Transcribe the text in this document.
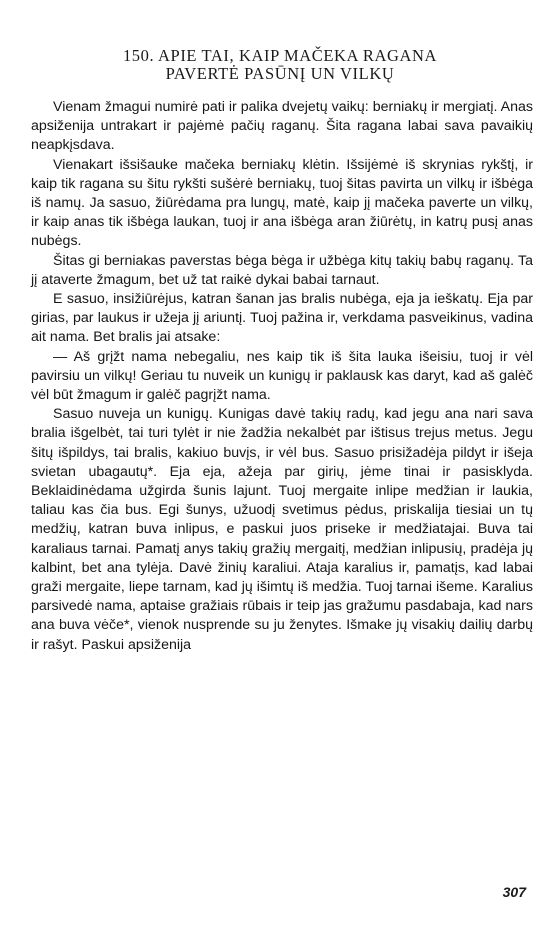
150. APIE TAI, KAIP MAČEKA RAGANA
PAVERTĖ PASŪNĮ UN VILKŲ

Vienam žmagui numirė pati ir palika dvejetų vaikų: berniakų ir mergiatį. Anas apsiženija untrakart ir pajėmė pačių raganų. Šita ragana labai sava pavaikių neapkįsdava.

Vienakart išsišauke mačeka berniakų klėtin. Išsijėmė iš skrynias rykštį, ir kaip tik ragana su šitu rykšti sušėrė berniakų, tuoj šitas pavirta un vilkų ir išbėga iš namų. Ja sasuo, žiūrėdama pra lungų, matė, kaip jį mačeka paverte un vilkų, ir kaip anas tik išbėga laukan, tuoj ir ana išbėga aran žiūrėtų, in katrų pusį anas nubėgs.

Šitas gi berniakas paverstas bėga bėga ir užbėga kitų takių babų raganų. Ta jį ataverte žmagum, bet už tat raikė dykai babai tarnaut.

E sasuo, insižiūrėjus, katran šanan jas bralis nubėga, eja ja ieškatų. Eja par girias, par laukus ir užeja jį ariuntį. Tuoj pažina ir, verkdama pasveikinus, vadina ait nama. Bet bralis jai atsake:

— Aš grįžt nama nebegaliu, nes kaip tik iš šita lauka išeisiu, tuoj ir vėl pavirsiu un vilkų! Geriau tu nuveik un kunigų ir paklausk kas daryt, kad aš galėč vėl būt žmagum ir galėč pagrįžt nama.

Sasuo nuveja un kunigų. Kunigas davė takių radų, kad jegu ana nari sava bralia išgelbėt, tai turi tylėt ir nie žadžia nekalbėt par ištisus trejus metus. Jegu šitų išpildys, tai bralis, kakiuo buvįs, ir vėl bus. Sasuo prisižadėja pildyt ir išeja svietan ubagautų*. Eja eja, ažeja par girių, jėme tinai ir pasisklyda. Beklaidinėdama užgirda šunis lajunt. Tuoj mergaite inlipe medžian ir laukia, taliau kas čia bus. Egi šunys, užuodį svetimus pėdus, priskalija tiesiai un tų medžių, katran buva inlipus, e paskui juos priseke ir medžiatajai. Buva tai karaliaus tarnai. Pamatį anys takių gražių mergaitį, medžian inlipusių, pradėja jų kalbint, bet ana tylėja. Davė žinių karaliui. Ataja karalius ir, pamatįs, kad labai graži mergaite, liepe tarnam, kad jų išimtų iš medžia. Tuoj tarnai išeme. Karalius parsivedė nama, aptaise gražiais rūbais ir teip jas gražumu pasdabaja, kad nars ana buva vėče*, vienok nusprende su ju ženytes. Išmake jų visakių dailių darbų ir rašyt. Paskui apsiženija

307
